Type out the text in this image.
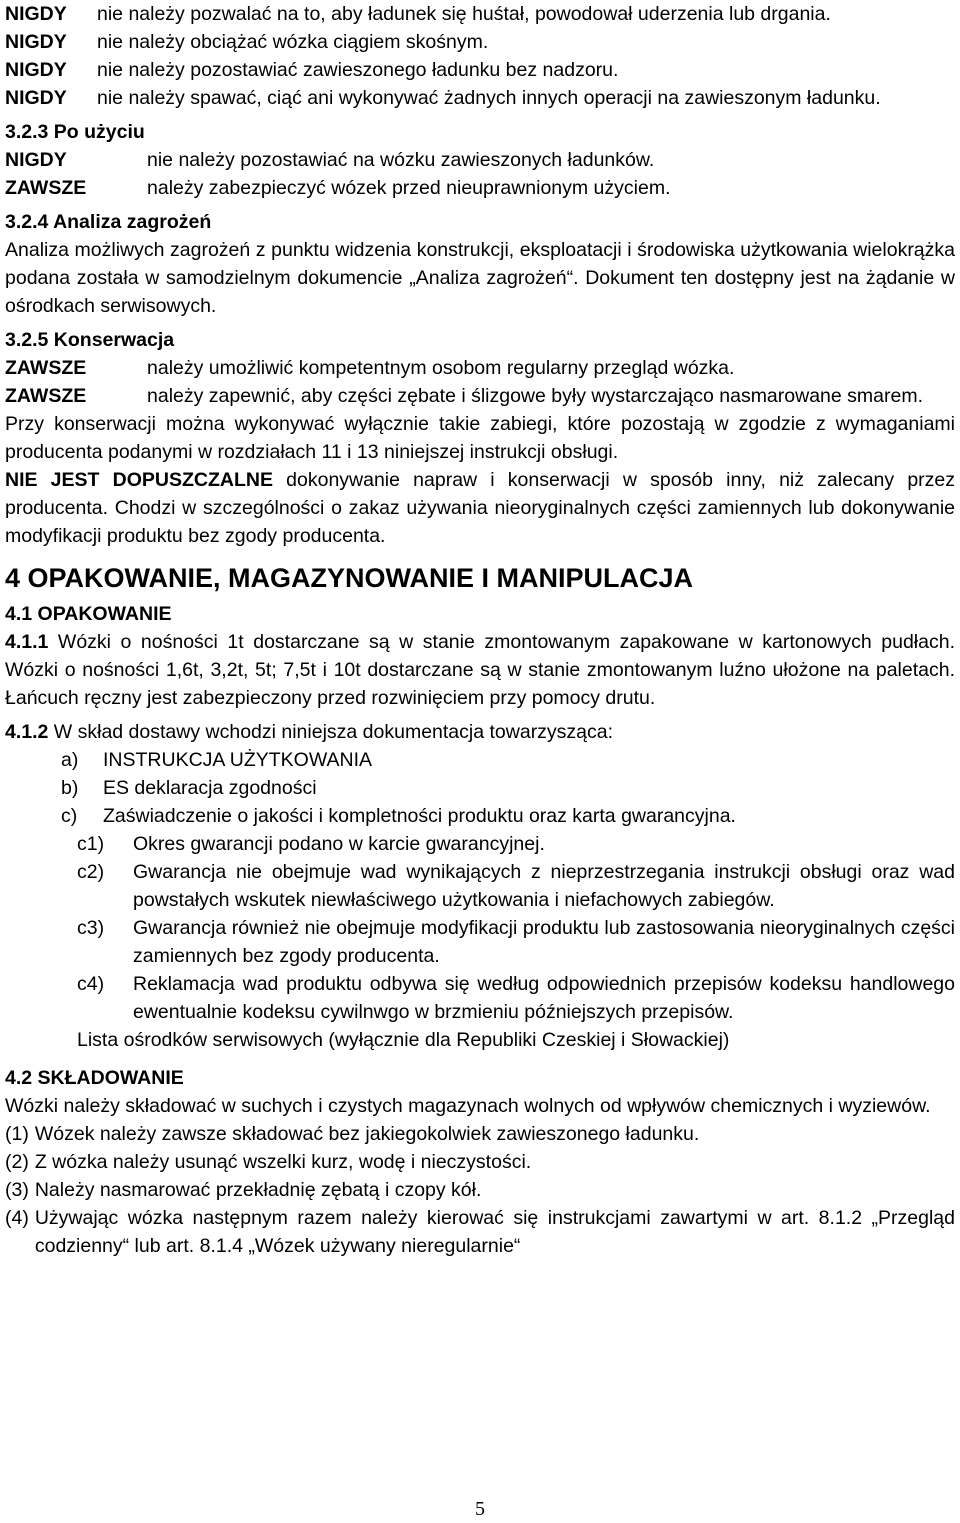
NIGDY	nie należy pozwalać na to, aby ładunek się huśtał, powodował uderzenia lub drgania.
NIGDY	nie należy obciążać wózka ciągiem skośnym.
NIGDY	nie należy pozostawiać zawieszonego ładunku bez nadzoru.
NIGDY	nie należy spawać, ciąć ani wykonywać żadnych innych operacji na zawieszonym ładunku.
3.2.3 Po użyciu
NIGDY	nie należy pozostawiać na wózku zawieszonych ładunków.
ZAWSZE	należy zabezpieczyć wózek przed nieuprawnionym użyciem.
3.2.4 Analiza zagrożeń
Analiza możliwych zagrożeń z punktu widzenia konstrukcji, eksploatacji i środowiska użytkowania wielokrążka podana została w samodzielnym dokumencie „Analiza zagrożeń“. Dokument ten dostępny jest na żądanie w ośrodkach serwisowych.
3.2.5 Konserwacja
ZAWSZE	należy umożliwić kompetentnym osobom regularny przegląd wózka.
ZAWSZE	należy zapewnić, aby części zębate i ślizgowe były wystarczająco nasmarowane smarem.
Przy konserwacji można wykonywać wyłącznie takie zabiegi, które pozostają w zgodzie z wymaganiami producenta podanymi w rozdziałach 11 i 13 niniejszej instrukcji obsługi.
NIE JEST DOPUSZCZALNE dokonywanie napraw i konserwacji w sposób inny, niż zalecany przez producenta. Chodzi w szczególności o zakaz używania nieoryginalnych części zamiennych lub dokonywanie modyfikacji produktu bez zgody producenta.
4 OPAKOWANIE, MAGAZYNOWANIE I MANIPULACJA
4.1 OPAKOWANIE
4.1.1 Wózki o nośności 1t dostarczane są w stanie zmontowanym zapakowane w kartonowych pudłach. Wózki o nośności 1,6t, 3,2t, 5t; 7,5t i 10t dostarczane są w stanie zmontowanym luźno ułożone na paletach. Łańcuch ręczny jest zabezpieczony przed rozwinięciem przy pomocy drutu.
4.1.2 W skład dostawy wchodzi niniejsza dokumentacja towarzysząca:
a)	INSTRUKCJA UŻYTKOWANIA
b)	ES deklaracja zgodności
c)	Zaświadczenie o jakości i kompletności produktu oraz karta gwarancyjna.
c1)	Okres gwarancji podano w karcie gwarancyjnej.
c2)	Gwarancja nie obejmuje wad wynikających z nieprzestrzegania instrukcji obsługi oraz wad powstałych wskutek niewłaściwego użytkowania i niefachowych zabiegów.
c3)	Gwarancja również nie obejmuje modyfikacji produktu lub zastosowania nieoryginalnych części zamiennych bez zgody producenta.
c4)	Reklamacja wad produktu odbywa się według odpowiednich przepisów kodeksu handlowego ewentualnie kodeksu cywilnwgo w brzmieniu późniejszych przepisów.
Lista ośrodków serwisowych (wyłącznie dla Republiki Czeskiej i Słowackiej)
4.2 SKŁADOWANIE
Wózki należy składować w suchych i czystych magazynach wolnych od wpływów chemicznych i wyziewów.
(1) Wózek należy zawsze składować bez jakiegokolwiek zawieszonego ładunku.
(2) Z wózka należy usunąć wszelki kurz, wodę i nieczystości.
(3) Należy nasmarować przekładnię zębatą i czopy kół.
(4) Używając wózka następnym razem należy kierować się instrukcjami zawartymi w art. 8.1.2 „Przegląd codzienny“ lub art. 8.1.4 „Wózek używany nieregularnie“
5
